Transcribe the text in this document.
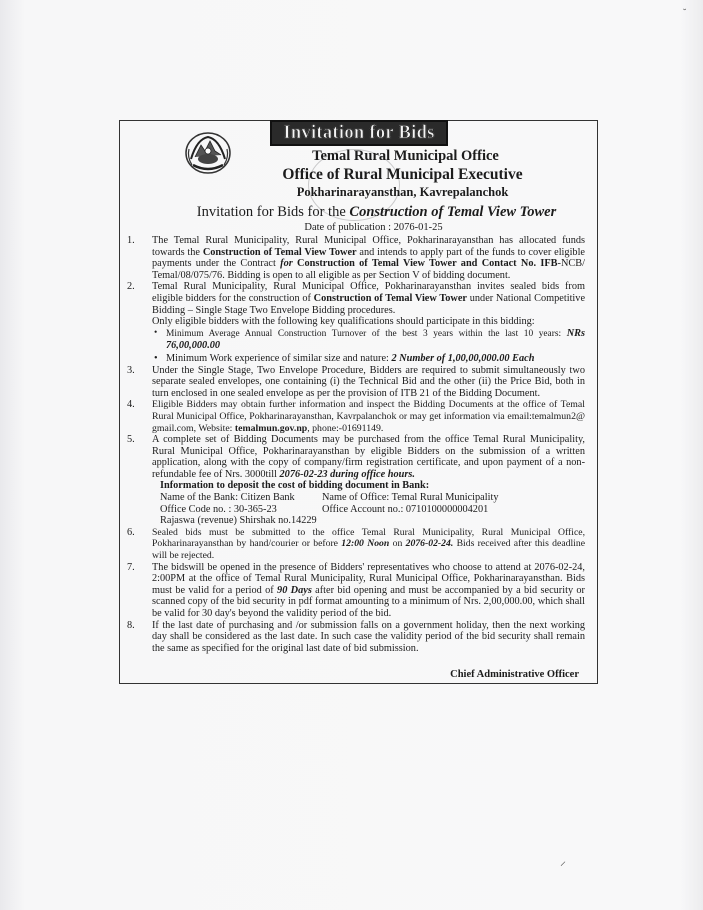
˘
Invitation for Bids
Temal Rural Municipal Office
Office of Rural Municipal Executive
Pokharinarayansthan, Kavrepalanchok
Invitation for Bids for the Construction of Temal View Tower
Date of publication : 2076-01-25
1. The Temal Rural Municipality, Rural Municipal Office, Pokharinarayansthan has allocated funds towards the Construction of Temal View Tower and intends to apply part of the funds to cover eligible payments under the Contract for Construction of Temal View Tower and Contact No. IFB-NCB/ Temal/08/075/76. Bidding is open to all eligible as per Section V of bidding document.
2. Temal Rural Municipality, Rural Municipal Office, Pokharinarayansthan invites sealed bids from eligible bidders for the construction of Construction of Temal View Tower under National Competitive Bidding – Single Stage Two Envelope Bidding procedures.
Only eligible bidders with the following key qualifications should participate in this bidding:
• Minimum Average Annual Construction Turnover of the best 3 years within the last 10 years: NRs 76,00,000.00
• Minimum Work experience of similar size and nature: 2 Number of 1,00,00,000.00 Each
3. Under the Single Stage, Two Envelope Procedure, Bidders are required to submit simultaneously two separate sealed envelopes, one containing (i) the Technical Bid and the other (ii) the Price Bid, both in turn enclosed in one sealed envelope as per the provision of ITB 21 of the Bidding Document.
4. Eligible Bidders may obtain further information and inspect the Bidding Documents at the office of Temal Rural Municipal Office, Pokharinarayansthan, Kavrpalanchok or may get information via email:temalmun2@ gmail.com, Website: temalmun.gov.np, phone:-01691149.
5. A complete set of Bidding Documents may be purchased from the office Temal Rural Municipality, Rural Municipal Office, Pokharinarayansthan by eligible Bidders on the submission of a written application, along with the copy of company/firm registration certificate, and upon payment of a non-refundable fee of Nrs. 3000till 2076-02-23 during office hours.
Information to deposit the cost of bidding document in Bank:
Name of the Bank: Citizen Bank	Name of Office: Temal Rural Municipality
Office Code no. : 30-365-23	Office Account no.: 0710100000004201
Rajaswa (revenue) Shirshak no.14229
6. Sealed bids must be submitted to the office Temal Rural Municipality, Rural Municipal Office, Pokharinarayansthan by hand/courier or before 12:00 Noon on 2076-02-24. Bids received after this deadline will be rejected.
7. The bidswill be opened in the presence of Bidders' representatives who choose to attend at 2076-02-24, 2:00PM at the office of Temal Rural Municipality, Rural Municipal Office, Pokharinarayansthan. Bids must be valid for a period of 90 Days after bid opening and must be accompanied by a bid security or scanned copy of the bid security in pdf format amounting to a minimum of Nrs. 2,00,000.00, which shall be valid for 30 day's beyond the validity period of the bid.
8. If the last date of purchasing and /or submission falls on a government holiday, then the next working day shall be considered as the last date. In such case the validity period of the bid security shall remain the same as specified for the original last date of bid submission.
Chief Administrative Officer
⸝
